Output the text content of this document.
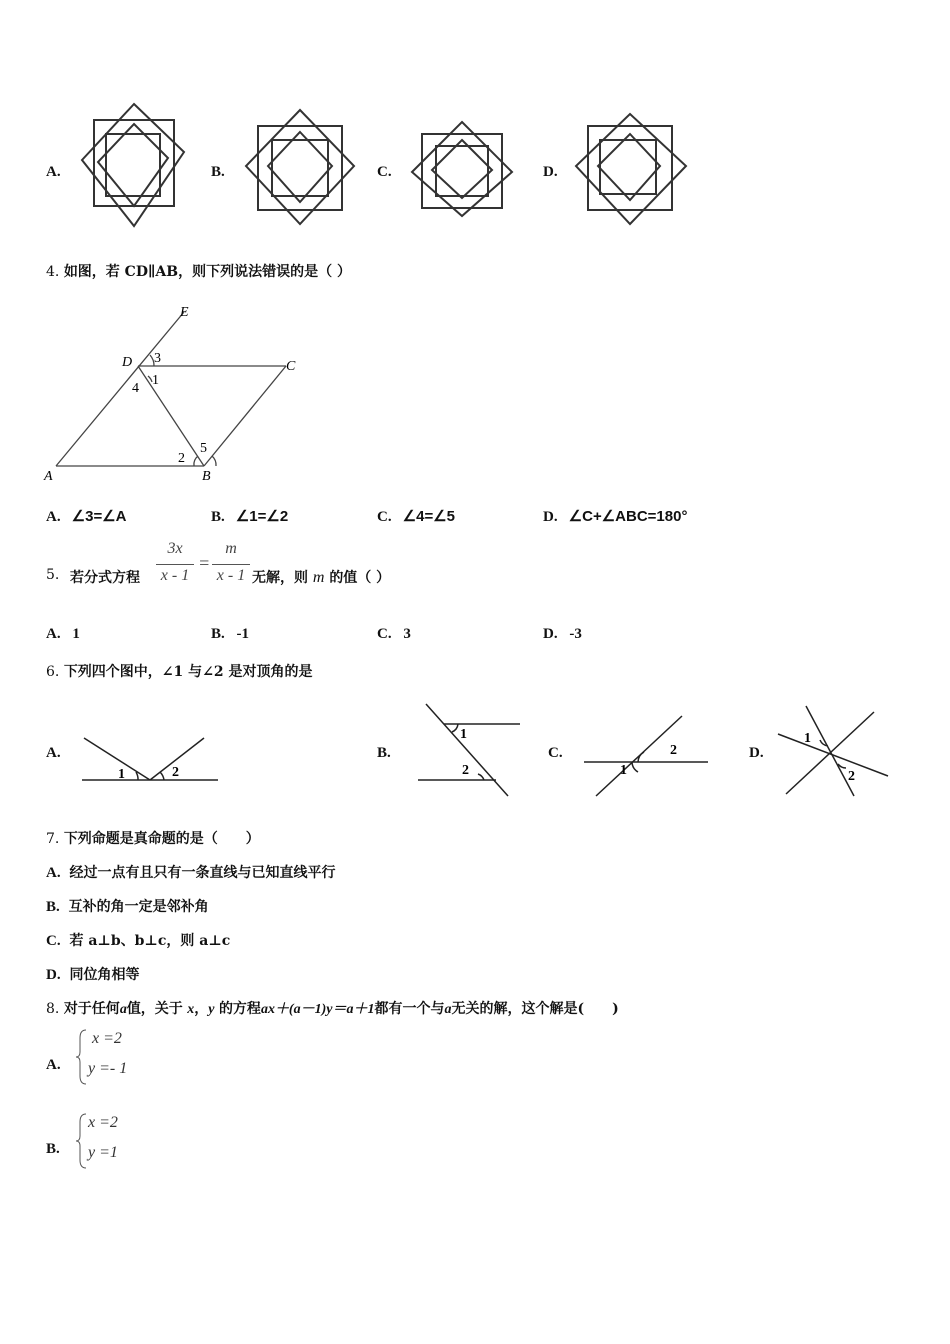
A.	B.	C.	D.
4. 如图，若 CD∥AB，则下列说法错误的是（ ）
E
D	C
A	B
3
1
4
2
5
A. ∠3=∠A	B. ∠1=∠2	C. ∠4=∠5	D. ∠C+∠ABC=180°
5. 若分式方程
3x
x - 1
=
m
x - 1 无解，则 m 的值（ ）
A. 1	B. -1	C. 3	D. -3
6. 下列四个图中，∠1 与∠2 是对顶角的是
A.
1	2
B.
1
2
C.	2
1
D.
1
2
7. 下列命题是真命题的是（　　）
A. 经过一点有且只有一条直线与已知直线平行
B. 互补的角一定是邻补角
C. 若 a⊥b、b⊥c，则 a⊥c
D. 同位角相等
8. 对于任何a值，关于 x，y 的方程ax＋(a－1)y＝a＋1都有一个与a无关的解，这个解是(　　)
A.
x =2
y =- 1
B.
x =2
y =1
